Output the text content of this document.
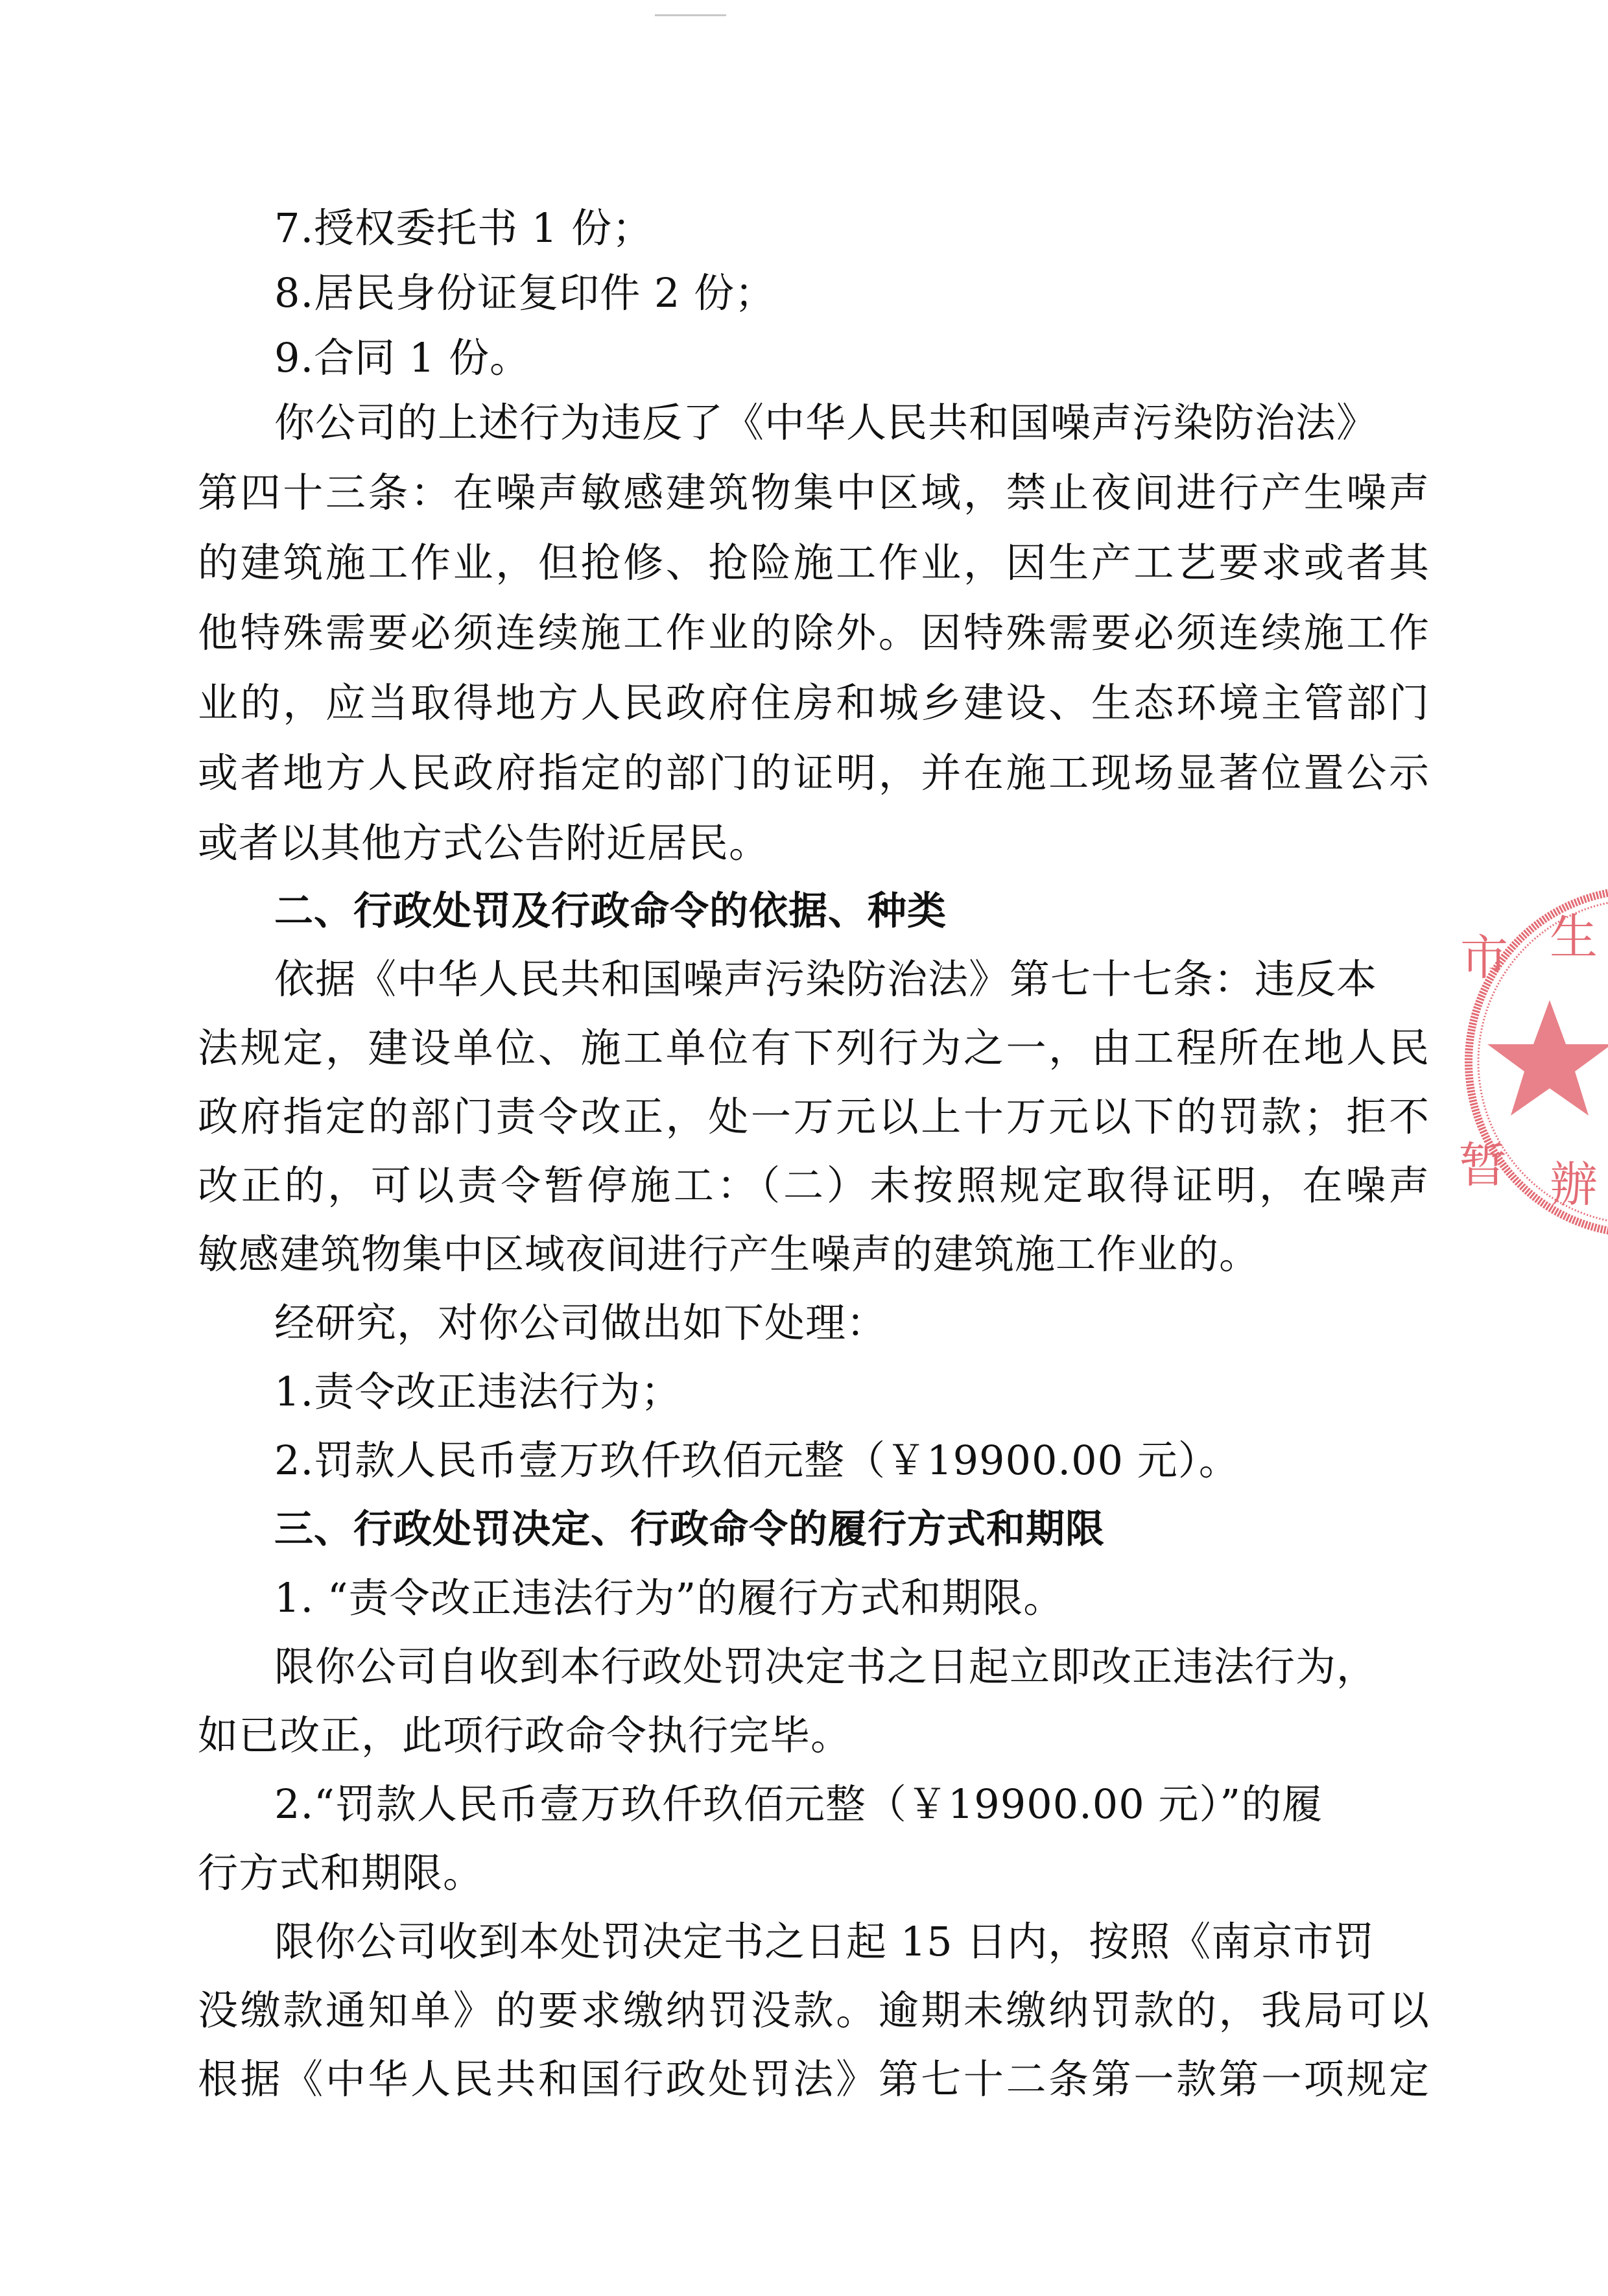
7.授权委托书 1 份；
8.居民身份证复印件 2 份；
9.合同 1 份。
你公司的上述行为违反了《中华人民共和国噪声污染防治法》
第四十三条：在噪声敏感建筑物集中区域，禁止夜间进行产生噪声
的建筑施工作业，但抢修、抢险施工作业，因生产工艺要求或者其
他特殊需要必须连续施工作业的除外。因特殊需要必须连续施工作
业的，应当取得地方人民政府住房和城乡建设、生态环境主管部门
或者地方人民政府指定的部门的证明，并在施工现场显著位置公示
或者以其他方式公告附近居民。
二、行政处罚及行政命令的依据、种类
依据《中华人民共和国噪声污染防治法》第七十七条：违反本
法规定，建设单位、施工单位有下列行为之一，由工程所在地人民
政府指定的部门责令改正，处一万元以上十万元以下的罚款；拒不
改正的，可以责令暂停施工：（二）未按照规定取得证明，在噪声
敏感建筑物集中区域夜间进行产生噪声的建筑施工作业的。
经研究，对你公司做出如下处理：
1.责令改正违法行为；
2.罚款人民币壹万玖仟玖佰元整（￥19900.00 元）。
三、行政处罚决定、行政命令的履行方式和期限
1. “责令改正违法行为”的履行方式和期限。
限你公司自收到本行政处罚决定书之日起立即改正违法行为，
如已改正，此项行政命令执行完毕。
2.“罚款人民币壹万玖仟玖佰元整（￥19900.00 元）”的履
行方式和期限。
限你公司收到本处罚决定书之日起 15 日内，按照《南京市罚
没缴款通知单》的要求缴纳罚没款。逾期未缴纳罚款的，我局可以
根据《中华人民共和国行政处罚法》第七十二条第一款第一项规定
市 生
暂 辦
